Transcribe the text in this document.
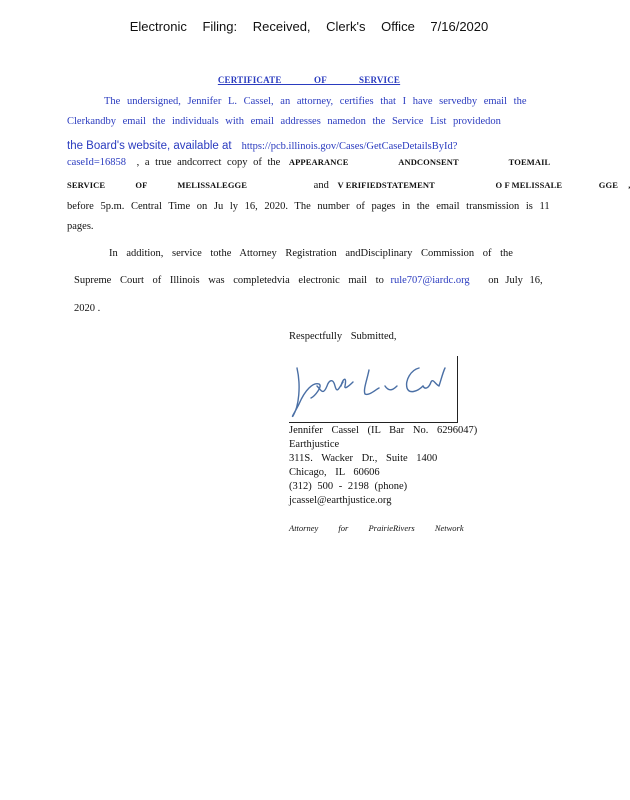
Electronic Filing: Received, Clerk's Office 7/16/2020
CERTIFICATE OF SERVICE
The undersigned, Jennifer L. Cassel, an attorney, certifies that I have servedby email the
Clerkandby email the individuals with email addresses namedon the Service List providedon
the Board's website, available at https://pcb.illinois.gov/Cases/GetCaseDetailsById?
caseId=16858 , a true andcorrect copy of the APPEARANCE ANDCONSENT TOEMAIL
SERVICE OF MELISSALEGGE	and V ERIFIEDSTATEMENT	O F MELISSALE	GGE ,
before 5p.m. Central Time on Ju ly 16, 2020. The number of pages in the email transmission is 11
pages.
In addition, service tothe Attorney Registration andDisciplinary Commission of the
Supreme Court of Illinois was completedvia electronic mail to rule707@iardc.org on July 16,
2020 .
Respectfully Submitted,
Jennifer Cassel (IL Bar No. 6296047)
Earthjustice
311S. Wacker Dr., Suite 1400
Chicago, IL 60606
(312) 500 - 2198 (phone)
jcassel@earthjustice.org
Attorney for PrairieRivers Network
